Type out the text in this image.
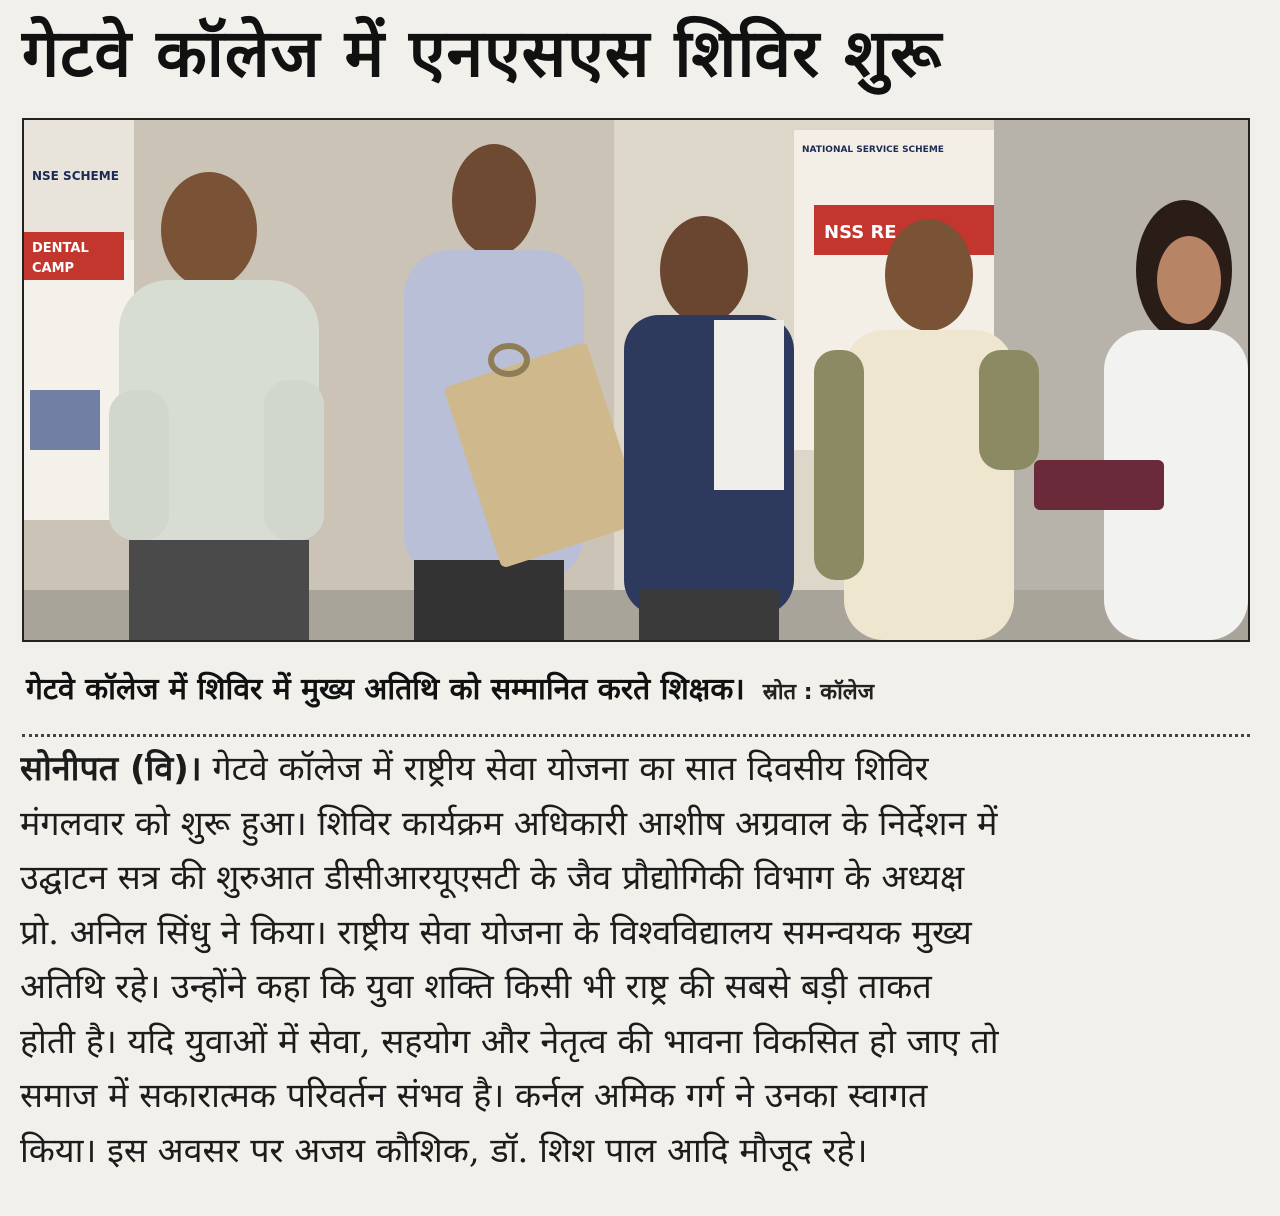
गेटवे कॉलेज में एनएसएस शिविर शुरू
NSE SCHEME
DENTAL
CAMP
NATIONAL SERVICE SCHEME
NSS RE
गेटवे कॉलेज में शिविर में मुख्य अतिथि को सम्मानित करते शिक्षक। स्रोत : कॉलेज
सोनीपत (वि)। गेटवे कॉलेज में राष्ट्रीय सेवा योजना का सात दिवसीय शिविर
मंगलवार को शुरू हुआ। शिविर कार्यक्रम अधिकारी आशीष अग्रवाल के निर्देशन में
उद्घाटन सत्र की शुरुआत डीसीआरयूएसटी के जैव प्रौद्योगिकी विभाग के अध्यक्ष
प्रो. अनिल सिंधु ने किया। राष्ट्रीय सेवा योजना के विश्वविद्यालय समन्वयक मुख्य
अतिथि रहे। उन्होंने कहा कि युवा शक्ति किसी भी राष्ट्र की सबसे बड़ी ताकत
होती है। यदि युवाओं में सेवा, सहयोग और नेतृत्व की भावना विकसित हो जाए तो
समाज में सकारात्मक परिवर्तन संभव है। कर्नल अमिक गर्ग ने उनका स्वागत
किया। इस अवसर पर अजय कौशिक, डॉ. शिश पाल आदि मौजूद रहे।
